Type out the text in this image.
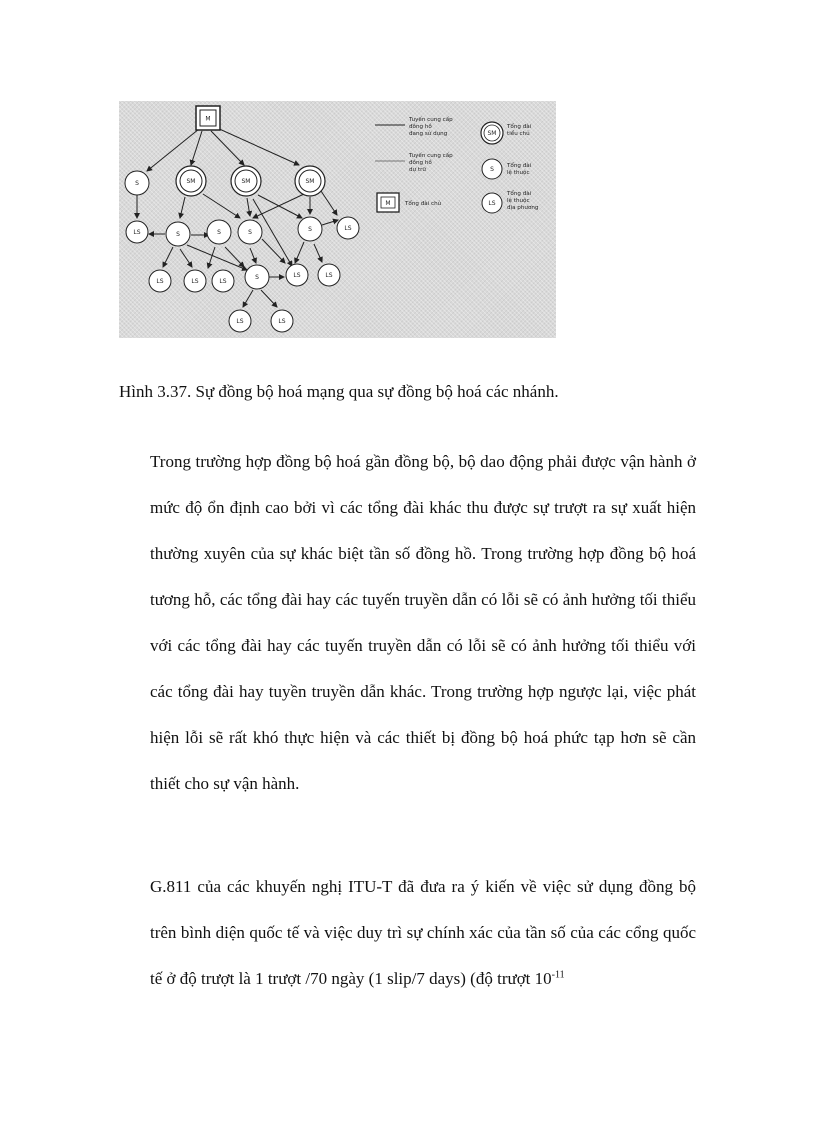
M
SM	SM	SM
S
S	S	S	S
S
LS
LS
LS	LS	LS
LS	LS
LS	LS
Tuyến cung cấp
đồng hồ
đang sử dụng
Tuyến cung cấp
đồng hồ
dự trữ
M	Tổng đài chủ
SM
Tổng đài
tiểu chủ
S Tổng đài
lệ thuộc
LS
Tổng đài
lệ thuộc
địa phương
Hình 3.37. Sự đồng bộ hoá mạng qua sự đồng bộ hoá các nhánh.

Trong trường hợp đồng bộ hoá gần đồng bộ, bộ dao động phải được vận hành ở mức độ ổn định cao bởi vì các tổng đài khác thu được sự trượt ra sự xuất hiện thường xuyên của sự khác biệt tần số đồng hồ. Trong trường hợp đồng bộ hoá tương hỗ, các tổng đài hay các tuyến truyền dẫn có lỗi sẽ có ảnh hưởng tối thiểu với các tổng đài hay các tuyến truyền dẫn có lỗi sẽ có ảnh hưởng tối thiểu với các tổng đài hay tuyền truyền dẫn khác. Trong trường hợp ngược lại, việc phát hiện lỗi sẽ rất khó thực hiện và các thiết bị đồng bộ hoá phức tạp hơn sẽ cần thiết cho sự vận hành.

G.811 của các khuyến nghị ITU-T đã đưa ra ý kiến về việc sử dụng đồng bộ trên bình diện quốc tế và việc duy trì sự chính xác của tần số của các cổng quốc tế ở độ trượt là 1 trượt /70 ngày (1 slip/7 days) (độ trượt $10^{-11}$
